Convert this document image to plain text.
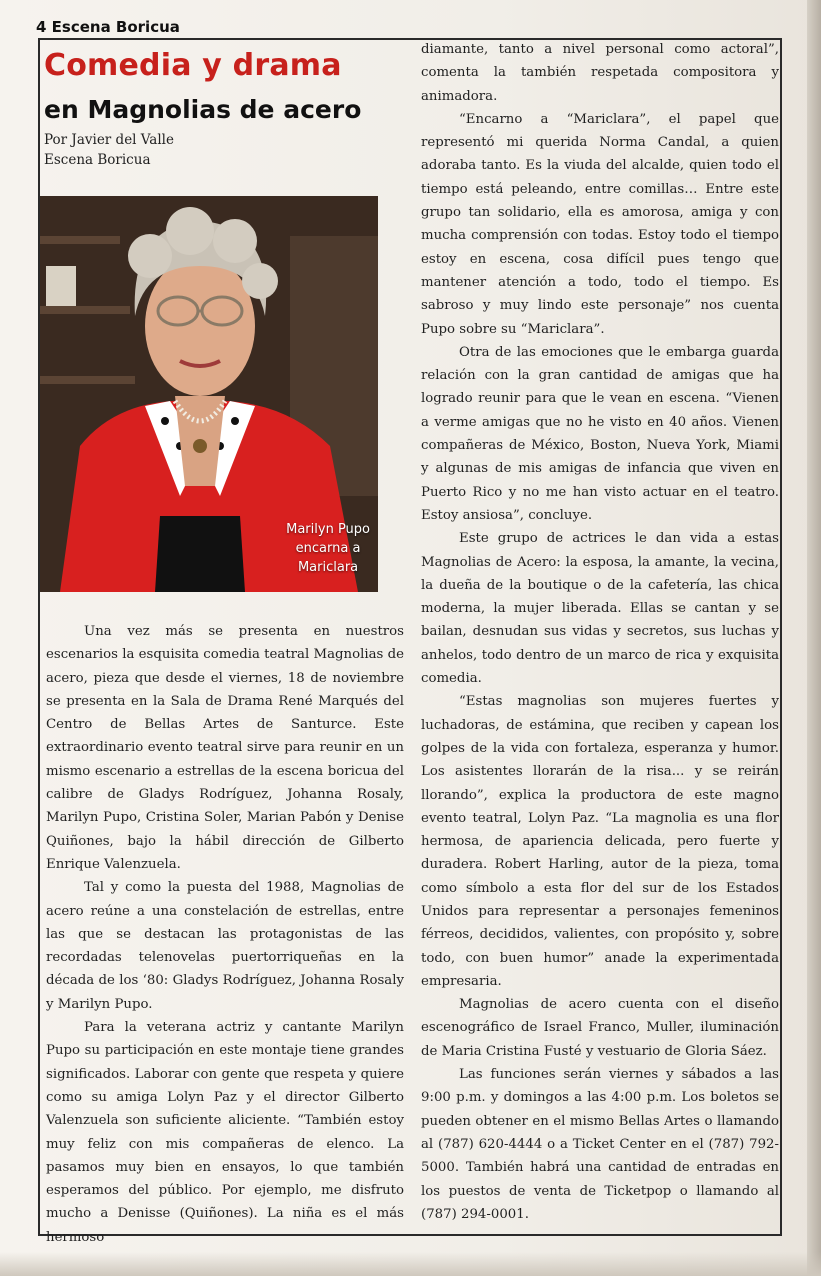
4 Escena Boricua

Comedia y drama
en Magnolias de acero
Por Javier del Valle
Escena Boricua
Marilyn Pupo
encarna a
Mariclara

Una vez más se presenta en nuestros escenarios la esquisita comedia teatral Magnolias de acero, pieza que desde el viernes, 18 de noviembre se presenta en la Sala de Drama René Marqués del Centro de Bellas Artes de Santurce. Este extraordinario evento teatral sirve para reunir en un mismo escenario a estrellas de la escena boricua del calibre de Gladys Rodríguez, Johanna Rosaly, Marilyn Pupo, Cristina Soler, Marian Pabón y Denise Quiñones, bajo la hábil dirección de Gilberto Enrique Valenzuela.

Tal y como la puesta del 1988, Magnolias de acero reúne a una constelación de estrellas, entre las que se destacan las protagonistas de las recordadas telenovelas puertorriqueñas en la década de los ‘80: Gladys Rodríguez, Johanna Rosaly y Marilyn Pupo.

Para la veterana actriz y cantante Marilyn Pupo su participación en este montaje tiene grandes significados. Laborar con gente que respeta y quiere como su amiga Lolyn Paz y el director Gilberto Valenzuela son suficiente aliciente. “También estoy muy feliz con mis compañeras de elenco. La pasamos muy bien en ensayos, lo que también esperamos del público. Por ejemplo, me disfruto mucho a Denisse (Quiñones). La niña es el más hermoso

diamante, tanto a nivel personal como actoral”, comenta la también respetada compositora y animadora.

“Encarno a “Mariclara”, el papel que representó mi querida Norma Candal, a quien adoraba tanto. Es la viuda del alcalde, quien todo el tiempo está peleando, entre comillas… Entre este grupo tan solidario, ella es amorosa, amiga y con mucha comprensión con todas. Estoy todo el tiempo estoy en escena, cosa difícil pues tengo que mantener atención a todo, todo el tiempo. Es sabroso y muy lindo este personaje” nos cuenta Pupo sobre su “Mariclara”.

Otra de las emociones que le embarga guarda relación con la gran cantidad de amigas que ha logrado reunir para que le vean en escena. “Vienen a verme amigas que no he visto en 40 años. Vienen compañeras de México, Boston, Nueva York, Miami y algunas de mis amigas de infancia que viven en Puerto Rico y no me han visto actuar en el teatro. Estoy ansiosa”, concluye.

Este grupo de actrices le dan vida a estas Magnolias de Acero: la esposa, la amante, la vecina, la dueña de la boutique o de la cafetería, las chica moderna, la mujer liberada. Ellas se cantan y se bailan, desnudan sus vidas y secretos, sus luchas y anhelos, todo dentro de un marco de rica y exquisita comedia.

“Estas magnolias son mujeres fuertes y luchadoras, de estámina, que reciben y capean los golpes de la vida con fortaleza, esperanza y humor. Los asistentes llorarán de la risa... y se reirán llorando”, explica la productora de este magno evento teatral, Lolyn Paz. “La magnolia es una flor hermosa, de apariencia delicada, pero fuerte y duradera. Robert Harling, autor de la pieza, toma como símbolo a esta flor del sur de los Estados Unidos para representar a personajes femeninos férreos, decididos, valientes, con propósito y, sobre todo, con buen humor” anade la experimentada empresaria.

Magnolias de acero cuenta con el diseño escenográfico de Israel Franco, Muller, iluminación de Maria Cristina Fusté y vestuario de Gloria Sáez.

Las funciones serán viernes y sábados a las 9:00 p.m. y domingos a las 4:00 p.m. Los boletos se pueden obtener en el mismo Bellas Artes o llamando al (787) 620-4444 o a Ticket Center en el (787) 792-5000. También habrá una cantidad de entradas en los puestos de venta de Ticketpop o llamando al (787) 294-0001.
